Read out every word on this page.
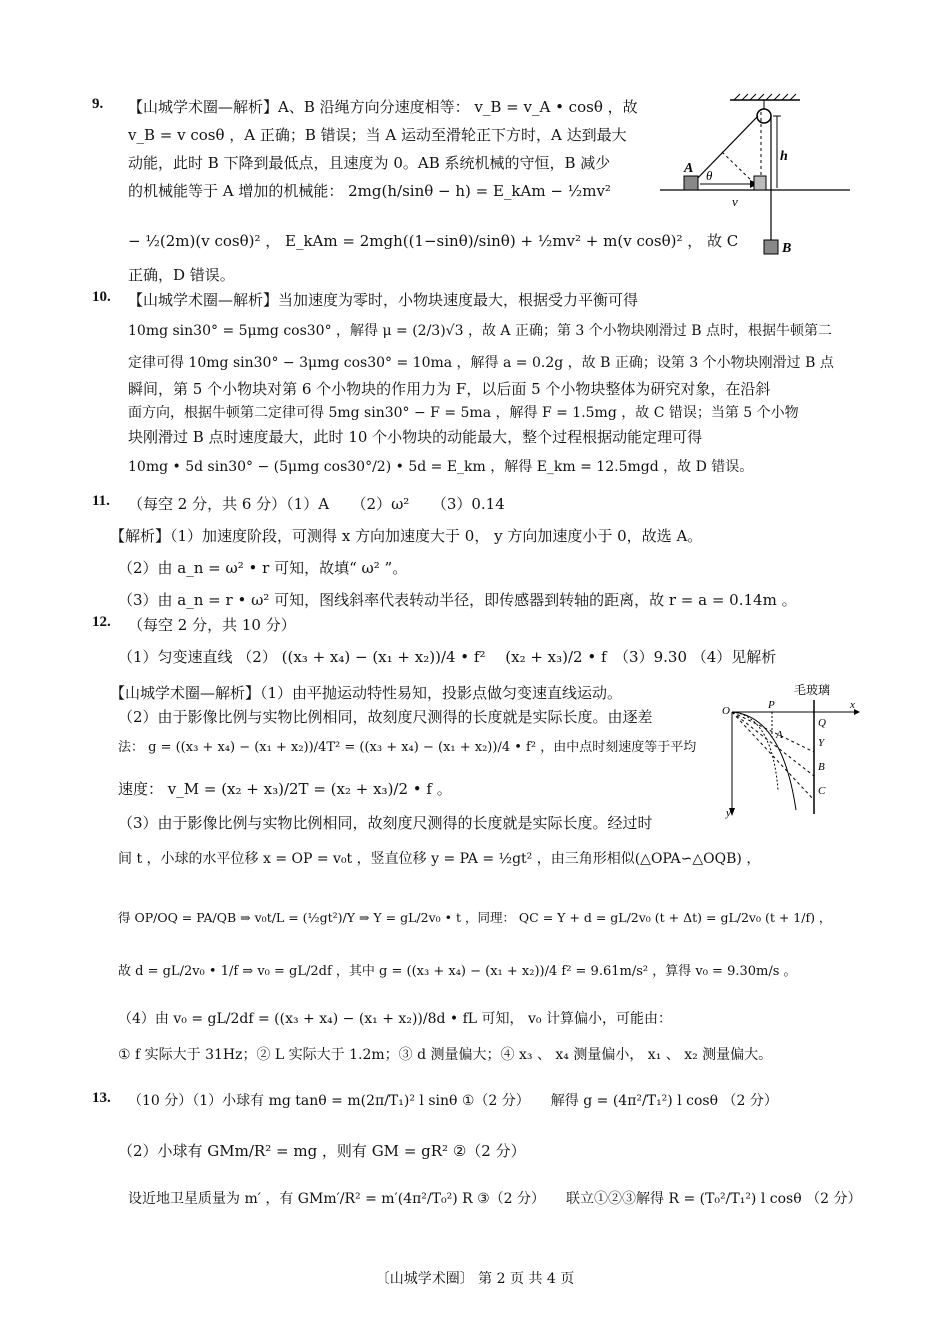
9. 【山城学术圈—解析】A、B 沿绳方向分速度相等： v_B = v_A • cosθ ，故
v_B = v cosθ ，A 正确；B 错误；当 A 运动至滑轮正下方时，A 达到最大
动能，此时 B 下降到最低点，且速度为 0。AB 系统机械的守恒，B 减少
的机械能等于 A 增加的机械能： 2mg(h/sinθ − h) = E_kAm − ½mv²
− ½(2m)(v cosθ)² ， E_kAm = 2mgh((1−sinθ)/sinθ) + ½mv² + m(v cosθ)² ， 故 C
正确，D 错误。
A θ
v
h
B
10. 【山城学术圈—解析】当加速度为零时，小物块速度最大，根据受力平衡可得
10mg sin30° = 5μmg cos30° ，解得 μ = (2/3)√3 ，故 A 正确；第 3 个小物块刚滑过 B 点时，根据牛顿第二
定律可得 10mg sin30° − 3μmg cos30° = 10ma ，解得 a = 0.2g ，故 B 正确；设第 3 个小物块刚滑过 B 点
瞬间，第 5 个小物块对第 6 个小物块的作用力为 F，以后面 5 个小物块整体为研究对象，在沿斜
面方向，根据牛顿第二定律可得 5mg sin30° − F = 5ma ，解得 F = 1.5mg ，故 C 错误；当第 5 个小物
块刚滑过 B 点时速度最大，此时 10 个小物块的动能最大，整个过程根据动能定理可得
10mg • 5d sin30° − (5μmg cos30°/2) • 5d = E_km ，解得 E_km = 12.5mgd ，故 D 错误。
11. （每空 2 分，共 6 分）（1）A　　（2）ω²　　（3）0.14
【解析】（1）加速度阶段，可测得 x 方向加速度大于 0， y 方向加速度小于 0，故选 A。
（2）由 a_n = ω² • r 可知，故填“ ω² ”。
（3）由 a_n = r • ω² 可知，图线斜率代表转动半径，即传感器到转轴的距离，故 r = a = 0.14m 。
12. （每空 2 分，共 10 分）
（1）匀变速直线 （2） ((x₃ + x₄) − (x₁ + x₂))/4 • f²　 (x₂ + x₃)/2 • f　（3）9.30 （4）见解析
【山城学术圈—解析】（1）由平抛运动特性易知，投影点做匀变速直线运动。
（2）由于影像比例与实物比例相同，故刻度尺测得的长度就是实际长度。由逐差
法： g = ((x₃ + x₄) − (x₁ + x₂))/4T² = ((x₃ + x₄) − (x₁ + x₂))/4 • f² ，由中点时刻速度等于平均
速度： v_M = (x₂ + x₃)/2T = (x₂ + x₃)/2 • f 。
（3）由于影像比例与实物比例相同，故刻度尺测得的长度就是实际长度。经过时
间 t ，小球的水平位移 x = OP = v₀t ，竖直位移 y = PA = ½gt² ，由三角形相似(△OPA∽△OQB) ，
得 OP/OQ = PA/QB ⇒ v₀t/L = (½gt²)/Y ⇒ Y = gL/2v₀ • t ，同理： QC = Y + d = gL/2v₀ (t + Δt) = gL/2v₀ (t + 1/f) ，
故 d = gL/2v₀ • 1/f ⇒ v₀ = gL/2df ，其中 g = ((x₃ + x₄) − (x₁ + x₂))/4 f² = 9.61m/s² ，算得 v₀ = 9.30m/s 。
（4）由 v₀ = gL/2df = ((x₃ + x₄) − (x₁ + x₂))/8d • fL 可知， v₀ 计算偏小，可能由：
① f 实际大于 31Hz；② L 实际大于 1.2m；③ d 测量偏大；④ x₃ 、 x₄ 测量偏小， x₁ 、 x₂ 测量偏大。
毛玻璃
O	P	x
Q
A
Y
B
C
y
13. （10 分）（1）小球有 mg tanθ = m(2π/T₁)² l sinθ ①（2 分）　　解得 g = (4π²/T₁²) l cosθ （2 分）
（2）小球有 GMm/R² = mg ，则有 GM = gR² ②（2 分）
设近地卫星质量为 m′ ，有 GMm′/R² = m′(4π²/T₀²) R ③（2 分）　　联立①②③解得 R = (T₀²/T₁²) l cosθ （2 分）
〔山城学术圈〕 第 2 页 共 4 页
